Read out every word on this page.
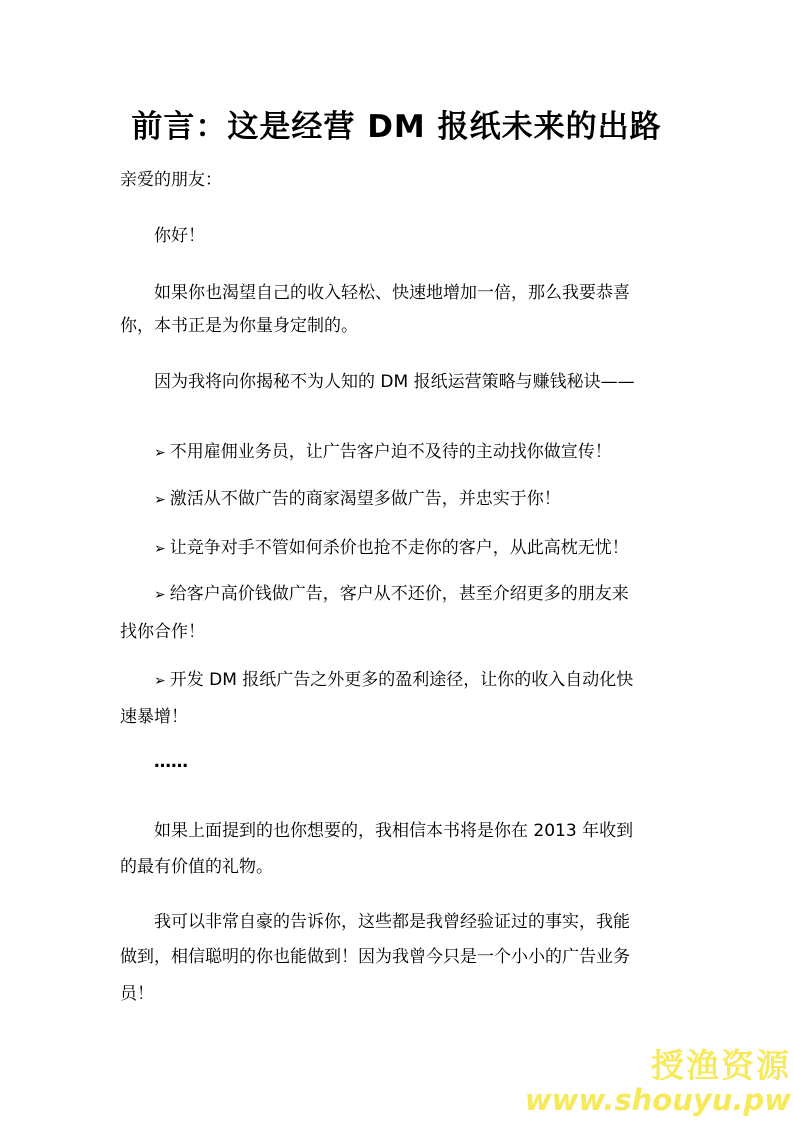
前言：这是经营 DM 报纸未来的出路

亲爱的朋友：

你好！

如果你也渴望自己的收入轻松、快速地增加一倍，那么我要恭喜

你，本书正是为你量身定制的。

因为我将向你揭秘不为人知的 DM 报纸运营策略与赚钱秘诀——

➢ 不用雇佣业务员，让广告客户迫不及待的主动找你做宣传！

➢ 激活从不做广告的商家渴望多做广告，并忠实于你！

➢ 让竞争对手不管如何杀价也抢不走你的客户，从此高枕无忧！

➢ 给客户高价钱做广告，客户从不还价，甚至介绍更多的朋友来

找你合作！

➢ 开发 DM 报纸广告之外更多的盈利途径，让你的收入自动化快

速暴增！

……

如果上面提到的也你想要的，我相信本书将是你在 2013 年收到

的最有价值的礼物。

我可以非常自豪的告诉你，这些都是我曾经验证过的事实，我能

做到，相信聪明的你也能做到！因为我曾今只是一个小小的广告业务

员！

授渔资源
www.shouyu.pw
